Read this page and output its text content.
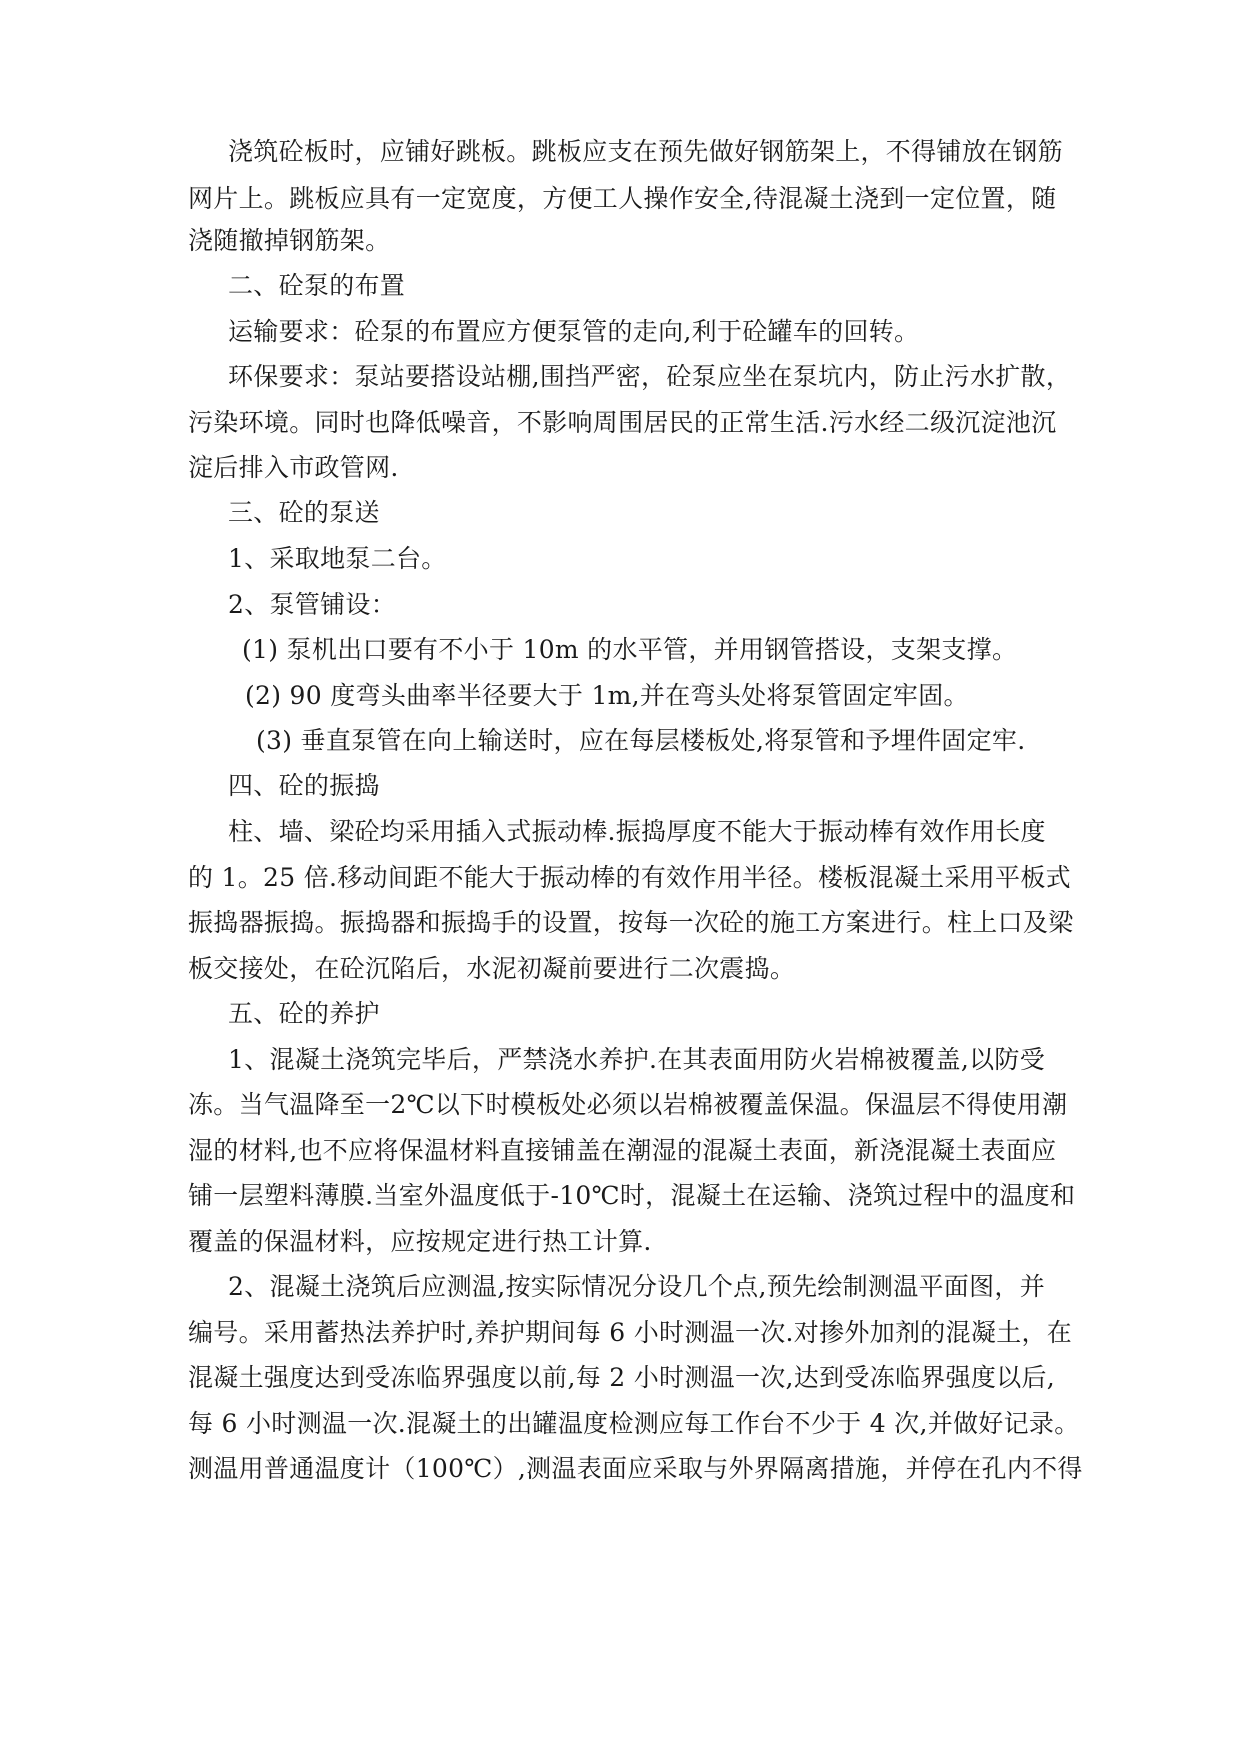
浇筑砼板时，应铺好跳板。跳板应支在预先做好钢筋架上，不得铺放在钢筋
网片上。跳板应具有一定宽度，方便工人操作安全,待混凝土浇到一定位置，随
浇随撤掉钢筋架。
二、砼泵的布置
运输要求：砼泵的布置应方便泵管的走向,利于砼罐车的回转。
环保要求：泵站要搭设站棚,围挡严密，砼泵应坐在泵坑内，防止污水扩散，
污染环境。同时也降低噪音，不影响周围居民的正常生活.污水经二级沉淀池沉
淀后排入市政管网.
三、砼的泵送
1、采取地泵二台。
2、泵管铺设：
(1) 泵机出口要有不小于 10m 的水平管，并用钢管搭设，支架支撑。
(2) 90 度弯头曲率半径要大于 1m,并在弯头处将泵管固定牢固。
(3) 垂直泵管在向上输送时，应在每层楼板处,将泵管和予埋件固定牢.
四、砼的振捣
柱、墙、梁砼均采用插入式振动棒.振捣厚度不能大于振动棒有效作用长度
的 1。25 倍.移动间距不能大于振动棒的有效作用半径。楼板混凝土采用平板式
振捣器振捣。振捣器和振捣手的设置，按每一次砼的施工方案进行。柱上口及梁
板交接处，在砼沉陷后，水泥初凝前要进行二次震捣。
五、砼的养护
1、混凝土浇筑完毕后，严禁浇水养护.在其表面用防火岩棉被覆盖,以防受
冻。当气温降至一2℃以下时模板处必须以岩棉被覆盖保温。保温层不得使用潮
湿的材料,也不应将保温材料直接铺盖在潮湿的混凝土表面，新浇混凝土表面应
铺一层塑料薄膜.当室外温度低于-10℃时，混凝土在运输、浇筑过程中的温度和
覆盖的保温材料，应按规定进行热工计算.
2、混凝土浇筑后应测温,按实际情况分设几个点,预先绘制测温平面图，并
编号。采用蓄热法养护时,养护期间每 6 小时测温一次.对掺外加剂的混凝土，在
混凝土强度达到受冻临界强度以前,每 2 小时测温一次,达到受冻临界强度以后,
每 6 小时测温一次.混凝土的出罐温度检测应每工作台不少于 4 次,并做好记录。
测温用普通温度计（100℃）,测温表面应采取与外界隔离措施，并停在孔内不得
